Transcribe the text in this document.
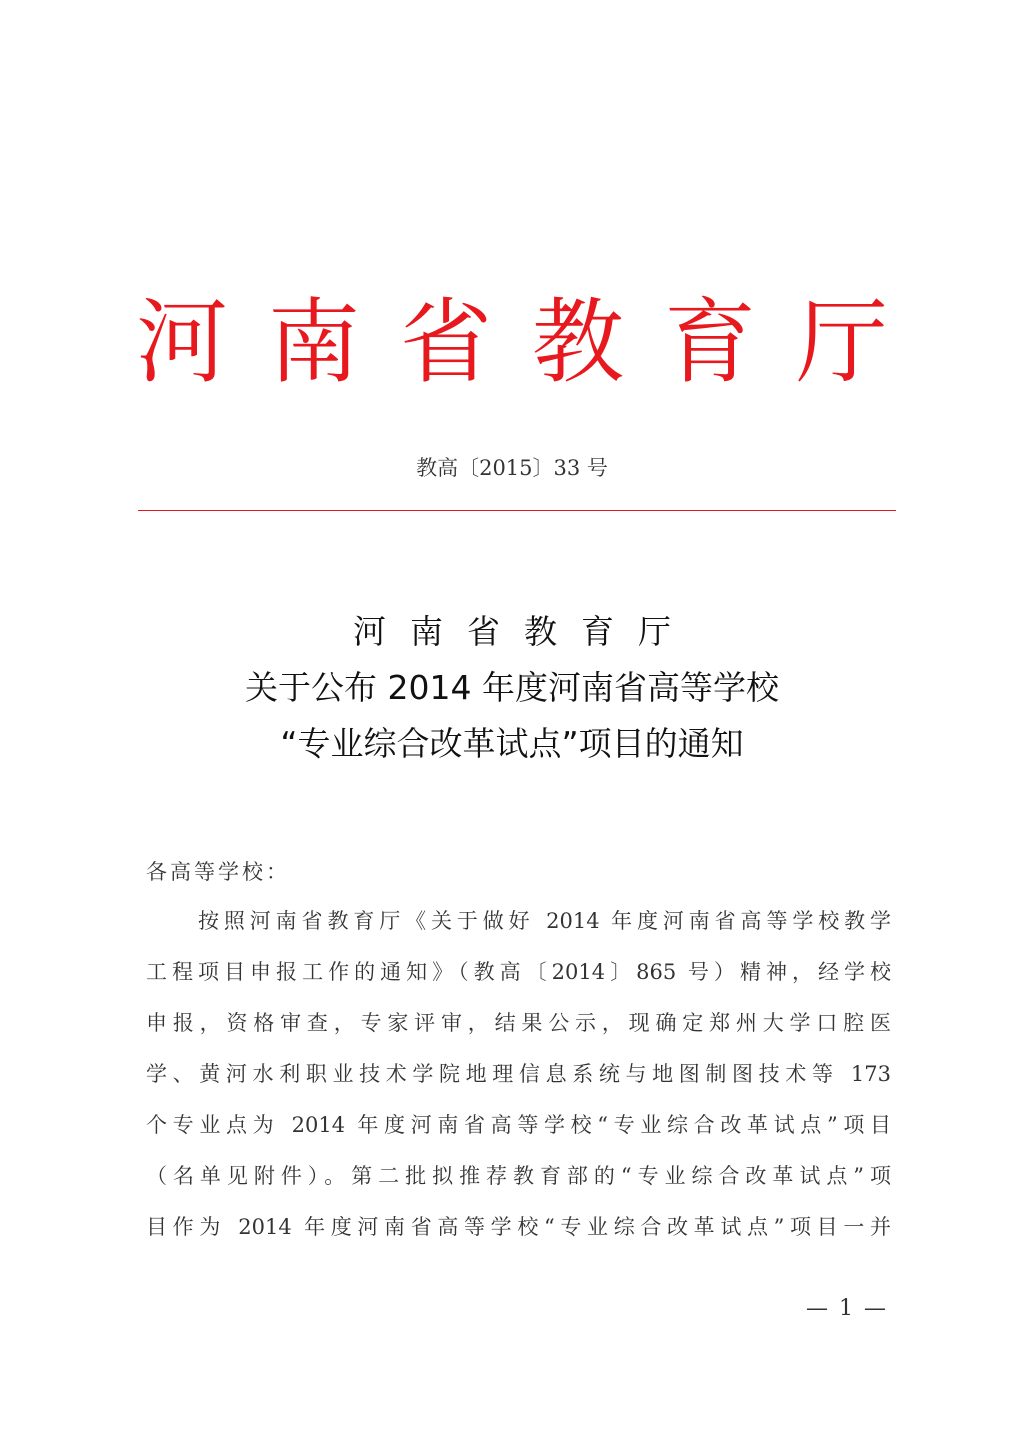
河南省教育厅
教高〔2015〕33 号
河南省教育厅
关于公布 2014 年度河南省高等学校
“专业综合改革试点”项目的通知
各高等学校：
按照河南省教育厅《关于做好 2014 年度河南省高等学校教学
工程项目申报工作的通知》（教高〔2014〕865 号）精神，经学校
申报，资格审查，专家评审，结果公示，现确定郑州大学口腔医
学、黄河水利职业技术学院地理信息系统与地图制图技术等 173
个专业点为 2014 年度河南省高等学校“专业综合改革试点”项目
（名单见附件）。第二批拟推荐教育部的“专业综合改革试点”项
目作为 2014 年度河南省高等学校“专业综合改革试点”项目一并
— 1 —
